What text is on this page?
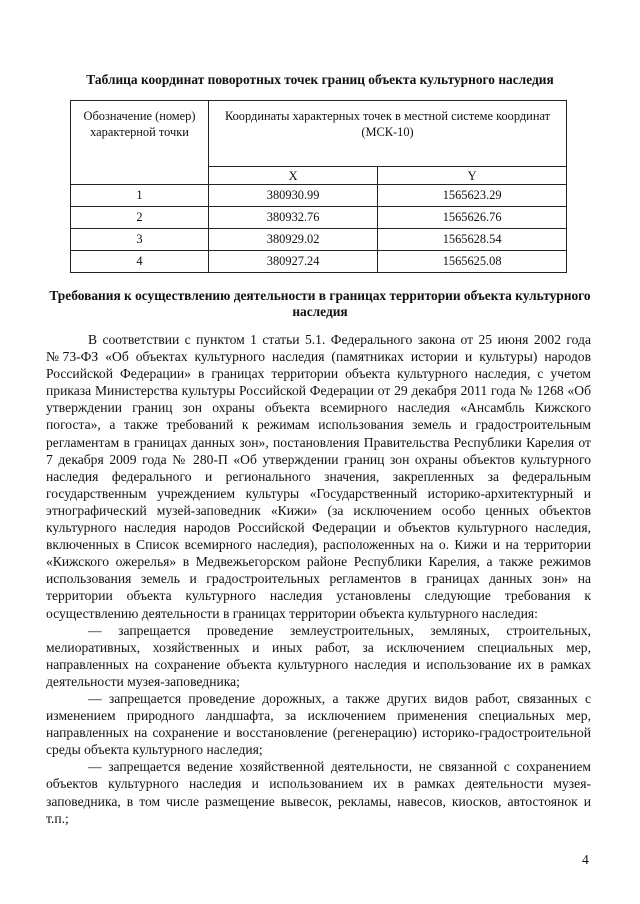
Таблица координат поворотных точек границ объекта культурного наследия
Обозначение (номер) характерной точки	Координаты характерных точек в местной системе координат (МСК-10)	
	X	Y
1	380930.99	1565623.29
2	380932.76	1565626.76
3	380929.02	1565628.54
4	380927.24	1565625.08
Требования к осуществлению деятельности в границах территории объекта культурного наследия

В соответствии с пунктом 1 статьи 5.1. Федерального закона от 25 июня 2002 года №73-ФЗ «Об объектах культурного наследия (памятниках истории и культуры) народов Российской Федерации» в границах территории объекта культурного наследия, с учетом приказа Министерства культуры Российской Федерации от 29 декабря 2011 года № 1268 «Об утверждении границ зон охраны объекта всемирного наследия «Ансамбль Кижского погоста», а также требований к режимам использования земель и градостроительным регламентам в границах данных зон», постановления Правительства Республики Карелия от 7 декабря 2009 года № 280-П «Об утверждении границ зон охраны объектов культурного наследия федерального и регионального значения, закрепленных за федеральным государственным учреждением культуры «Государственный историко-архитектурный и этнографический музей-заповедник «Кижи» (за исключением особо ценных объектов культурного наследия народов Российской Федерации и объектов культурного наследия, включенных в Список всемирного наследия), расположенных на о. Кижи и на территории «Кижского ожерелья» в Медвежьегорском районе Республики Карелия, а также режимов использования земель и градостроительных регламентов в границах данных зон» на территории объекта культурного наследия установлены следующие требования к осуществлению деятельности в границах территории объекта культурного наследия:

— запрещается проведение землеустроительных, земляных, строительных, мелиоративных, хозяйственных и иных работ, за исключением специальных мер, направленных на сохранение объекта культурного наследия и использование их в рамках деятельности музея-заповедника;

— запрещается проведение дорожных, а также других видов работ, связанных с изменением природного ландшафта, за исключением применения специальных мер, направленных на сохранение и восстановление (регенерацию) историко-градостроительной среды объекта культурного наследия;

— запрещается ведение хозяйственной деятельности, не связанной с сохранением объектов культурного наследия и использованием их в рамках деятельности музея-заповедника, в том числе размещение вывесок, рекламы, навесов, киосков, автостоянок и т.п.;

4
